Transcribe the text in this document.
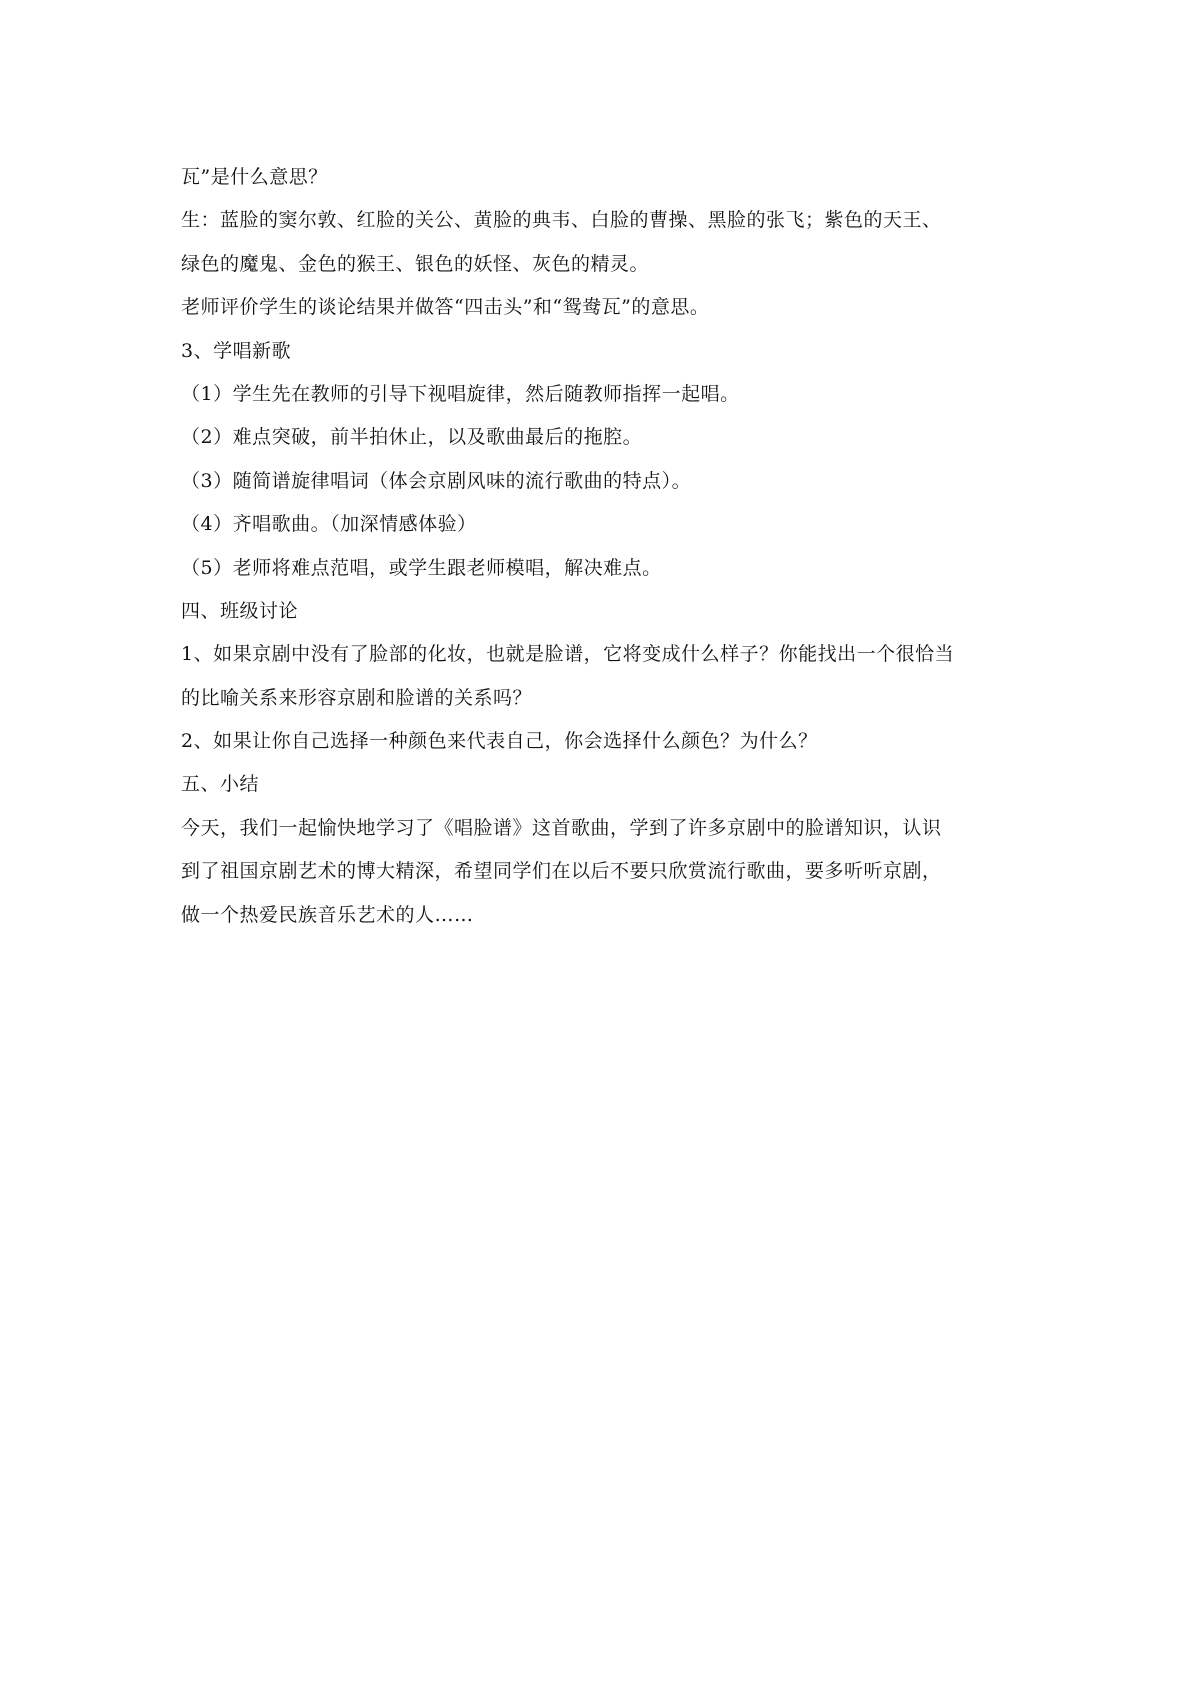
瓦”是什么意思？

生：蓝脸的窦尔敦、红脸的关公、黄脸的典韦、白脸的曹操、黑脸的张飞；紫色的天王、

绿色的魔鬼、金色的猴王、银色的妖怪、灰色的精灵。

老师评价学生的谈论结果并做答“四击头”和“鸳鸯瓦”的意思。

3、学唱新歌

（1）学生先在教师的引导下视唱旋律，然后随教师指挥一起唱。

（2）难点突破，前半拍休止，以及歌曲最后的拖腔。

（3）随简谱旋律唱词（体会京剧风味的流行歌曲的特点）。

（4）齐唱歌曲。（加深情感体验）

（5）老师将难点范唱，或学生跟老师模唱，解决难点。

四、班级讨论

1、如果京剧中没有了脸部的化妆，也就是脸谱，它将变成什么样子？你能找出一个很恰当

的比喻关系来形容京剧和脸谱的关系吗？

2、如果让你自己选择一种颜色来代表自己，你会选择什么颜色？为什么？

五、小结

今天，我们一起愉快地学习了《唱脸谱》这首歌曲，学到了许多京剧中的脸谱知识，认识

到了祖国京剧艺术的博大精深，希望同学们在以后不要只欣赏流行歌曲，要多听听京剧，

做一个热爱民族音乐艺术的人……
